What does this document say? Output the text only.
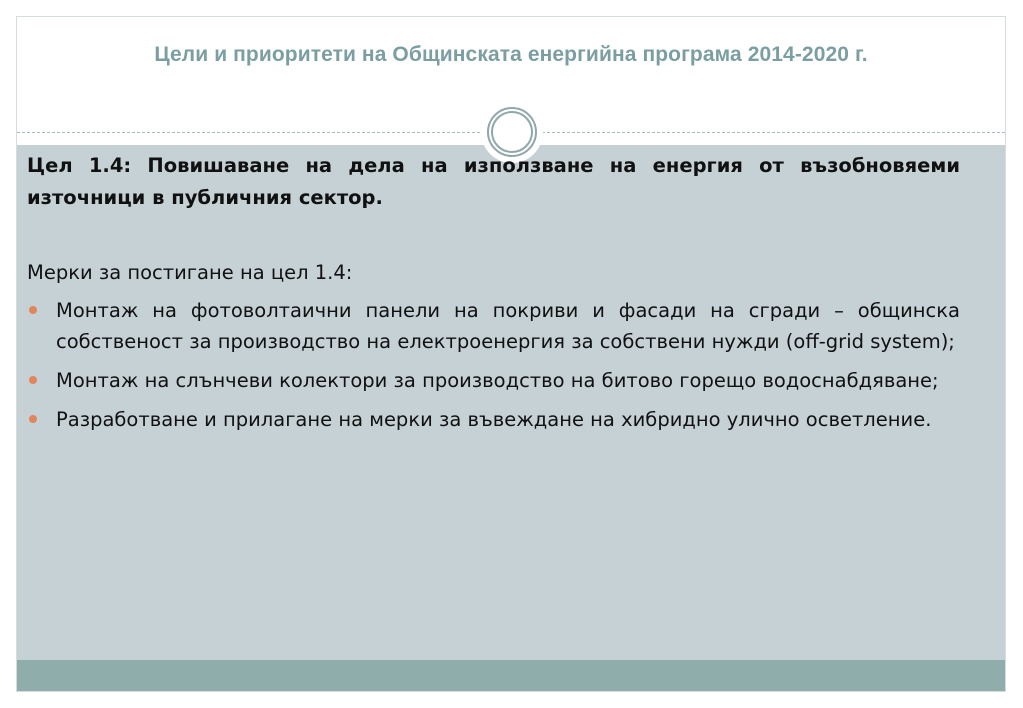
Цели и приоритети на Общинската енергийна програма 2014-2020 г.

Цел 1.4: Повишаване на дела на използване на енергия от възобновяеми източници в публичния сектор.

Мерки за постигане на цел 1.4:
Монтаж на фотоволтаични панели на покриви и фасади на сгради – общинска собственост за производство на електроенергия за собствени нужди (off-grid system);
Монтаж на слънчеви колектори за производство на битово горещо водоснабдяване;
Разработване и прилагане на мерки за въвеждане на хибридно улично осветление.
